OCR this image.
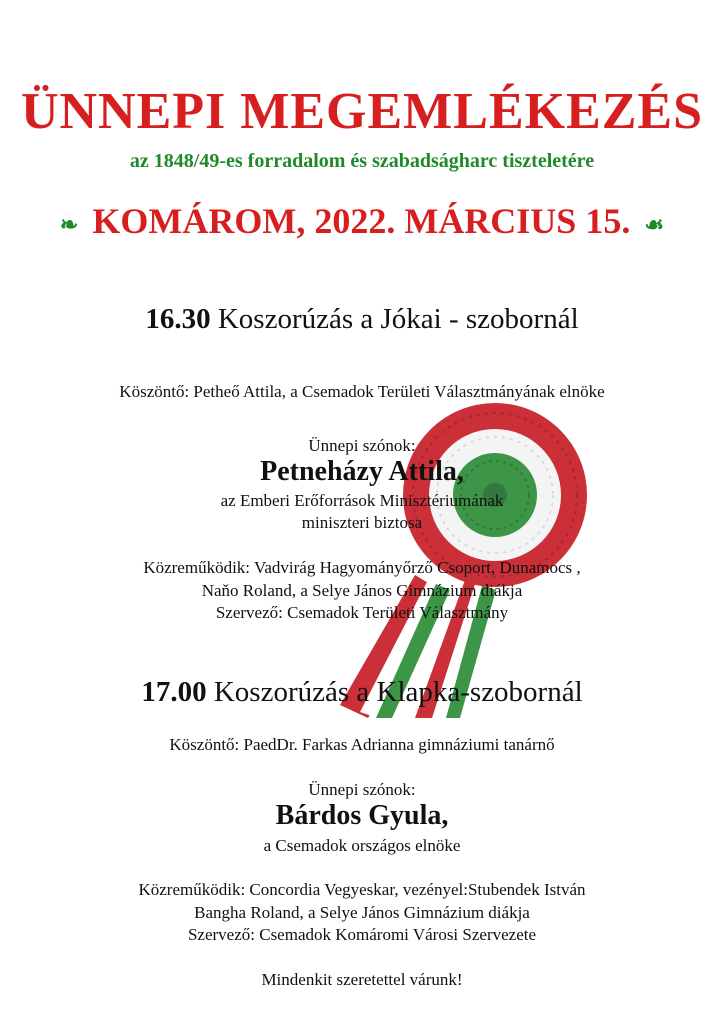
ÜNNEPI MEGEMLÉKEZÉS
az 1848/49-es forradalom és szabadságharc tiszteletére
❧ KOMÁROM, 2022. MÁRCIUS 15. ☙
16.30 Koszorúzás a Jókai - szobornál
Köszöntő: Petheő Attila, a Csemadok Területi Választmányának elnöke
Ünnepi szónok:
Petneházy Attila,
az Emberi Erőforrások Minisztériumának
miniszteri biztosa
Közreműködik: Vadvirág Hagyományőrző Csoport, Dunamocs ,
Naňo Roland, a Selye János Gimnázium diákja
Szervező: Csemadok Területi Választmány
17.00 Koszorúzás a Klapka-szobornál
Köszöntő: PaedDr. Farkas Adrianna gimnáziumi tanárnő
Ünnepi szónok:
Bárdos Gyula,
a Csemadok országos elnöke
Közreműködik: Concordia Vegyeskar, vezényel:Stubendek István
Bangha Roland, a Selye János Gimnázium diákja
Szervező: Csemadok Komáromi Városi Szervezete
Mindenkit szeretettel várunk!
